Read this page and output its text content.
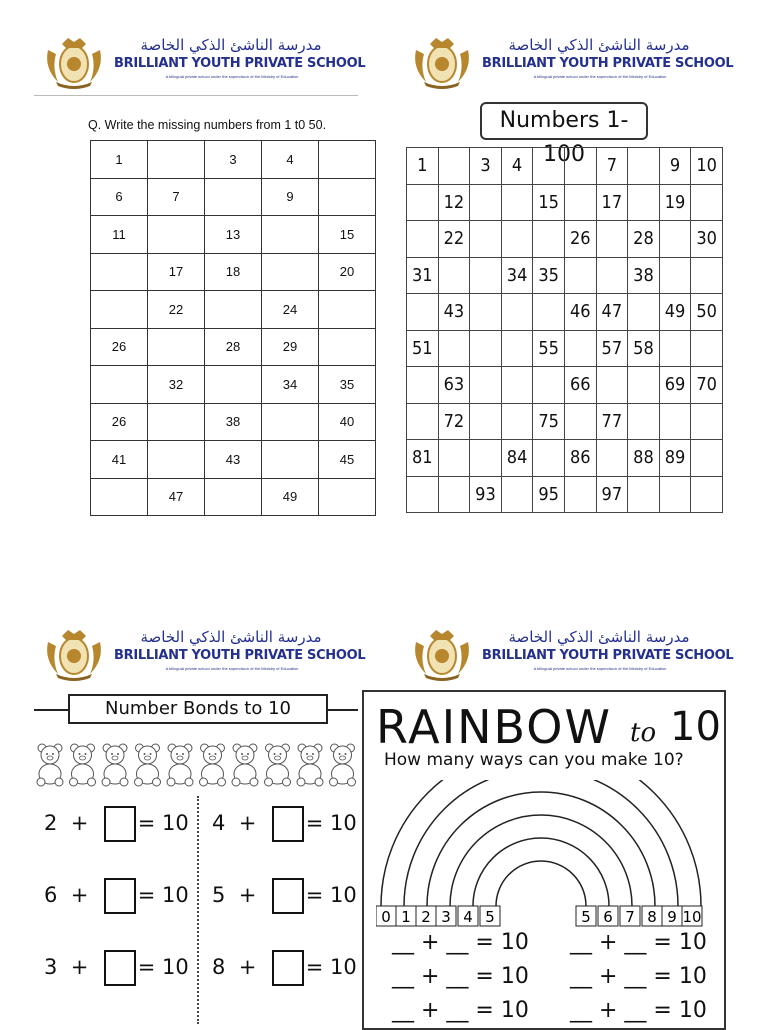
مدرسة الناشئ الذكي الخاصة
BRILLIANT YOUTH PRIVATE SCHOOL
A bilingual private school under the supervision of the Ministry of Education
مدرسة الناشئ الذكي الخاصة
BRILLIANT YOUTH PRIVATE SCHOOL
A bilingual private school under the supervision of the Ministry of Education
مدرسة الناشئ الذكي الخاصة
BRILLIANT YOUTH PRIVATE SCHOOL
A bilingual private school under the supervision of the Ministry of Education
مدرسة الناشئ الذكي الخاصة
BRILLIANT YOUTH PRIVATE SCHOOL
A bilingual private school under the supervision of the Ministry of Education
Q. Write the missing numbers from 1 t0 50.
1		3	4	
6	7		9	
11		13		15
	17	18		20
	22		24	
26		28	29	
	32		34	35
26		38		40
41		43		45
	47		49	
Numbers 1-100
1		3	4			7		9	10
	12			15		17		19	
	22				26		28		30
31			34	35			38		
	43				46	47		49	50
51				55		57	58		
	63				66			69	70
	72			75		77			
81			84		86		88	89	
		93		95		97			
Number Bonds to 10
2 + = 10 4 + = 10
6 + = 10 5 + = 10
3 + = 10 8 + = 10
RAINBOW to 10
How many ways can you make 10?
0 1 2 3 4 5	5 6 7 8 9 10
__ + __ = 10 __ + __ = 10
__ + __ = 10 __ + __ = 10
__ + __ = 10 __ + __ = 10
